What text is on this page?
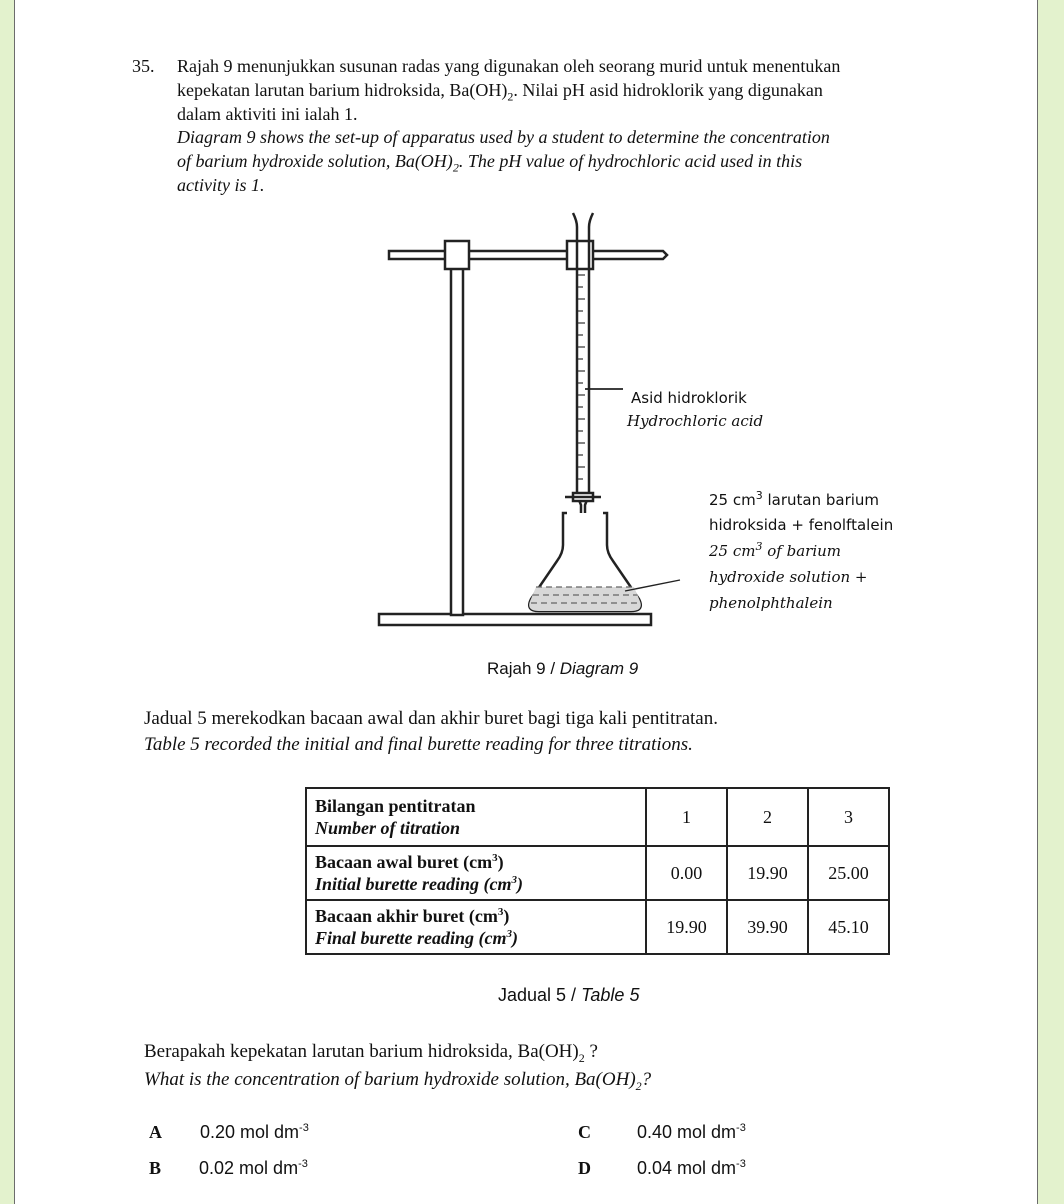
35. Rajah 9 menunjukkan susunan radas yang digunakan oleh seorang murid untuk menentukan
kepekatan larutan barium hidroksida, $Ba(OH)_2$. Nilai pH asid hidroklorik yang digunakan
dalam aktiviti ini ialah 1.
Diagram 9 shows the set-up of apparatus used by a student to determine the concentration
of barium hydroxide solution, $Ba(OH)_2$. The pH value of hydrochloric acid used in this
activity is 1.
Asid hidroklorik
Hydrochloric acid
25 $cm^3$ larutan barium
hidroksida + fenolftalein
25 $cm^3$ of barium
hydroxide solution +
phenolphthalein
Rajah 9 / Diagram 9
Jadual 5 merekodkan bacaan awal dan akhir buret bagi tiga kali pentitratan.
Table 5 recorded the initial and final burette reading for three titrations.
Bilangan pentitratan
Number of titration	1	2	3

Bacaan awal buret $(cm^3)$
Initial burette reading $(cm^3)$	0.00	19.90	25.00

Bacaan akhir buret $(cm^3)$
Final burette reading $(cm^3)$	19.90	39.90	45.10
Jadual 5 / Table 5
Berapakah kepekatan larutan barium hidroksida, $Ba(OH)_2$ ?
What is the concentration of barium hydroxide solution, $Ba(OH)_2$?
A 0.20 mol $dm^{-3}$	C	0.40 mol $dm^{-3}$
B 0.02 mol $dm^{-3}$	D	0.04 mol $dm^{-3}$
